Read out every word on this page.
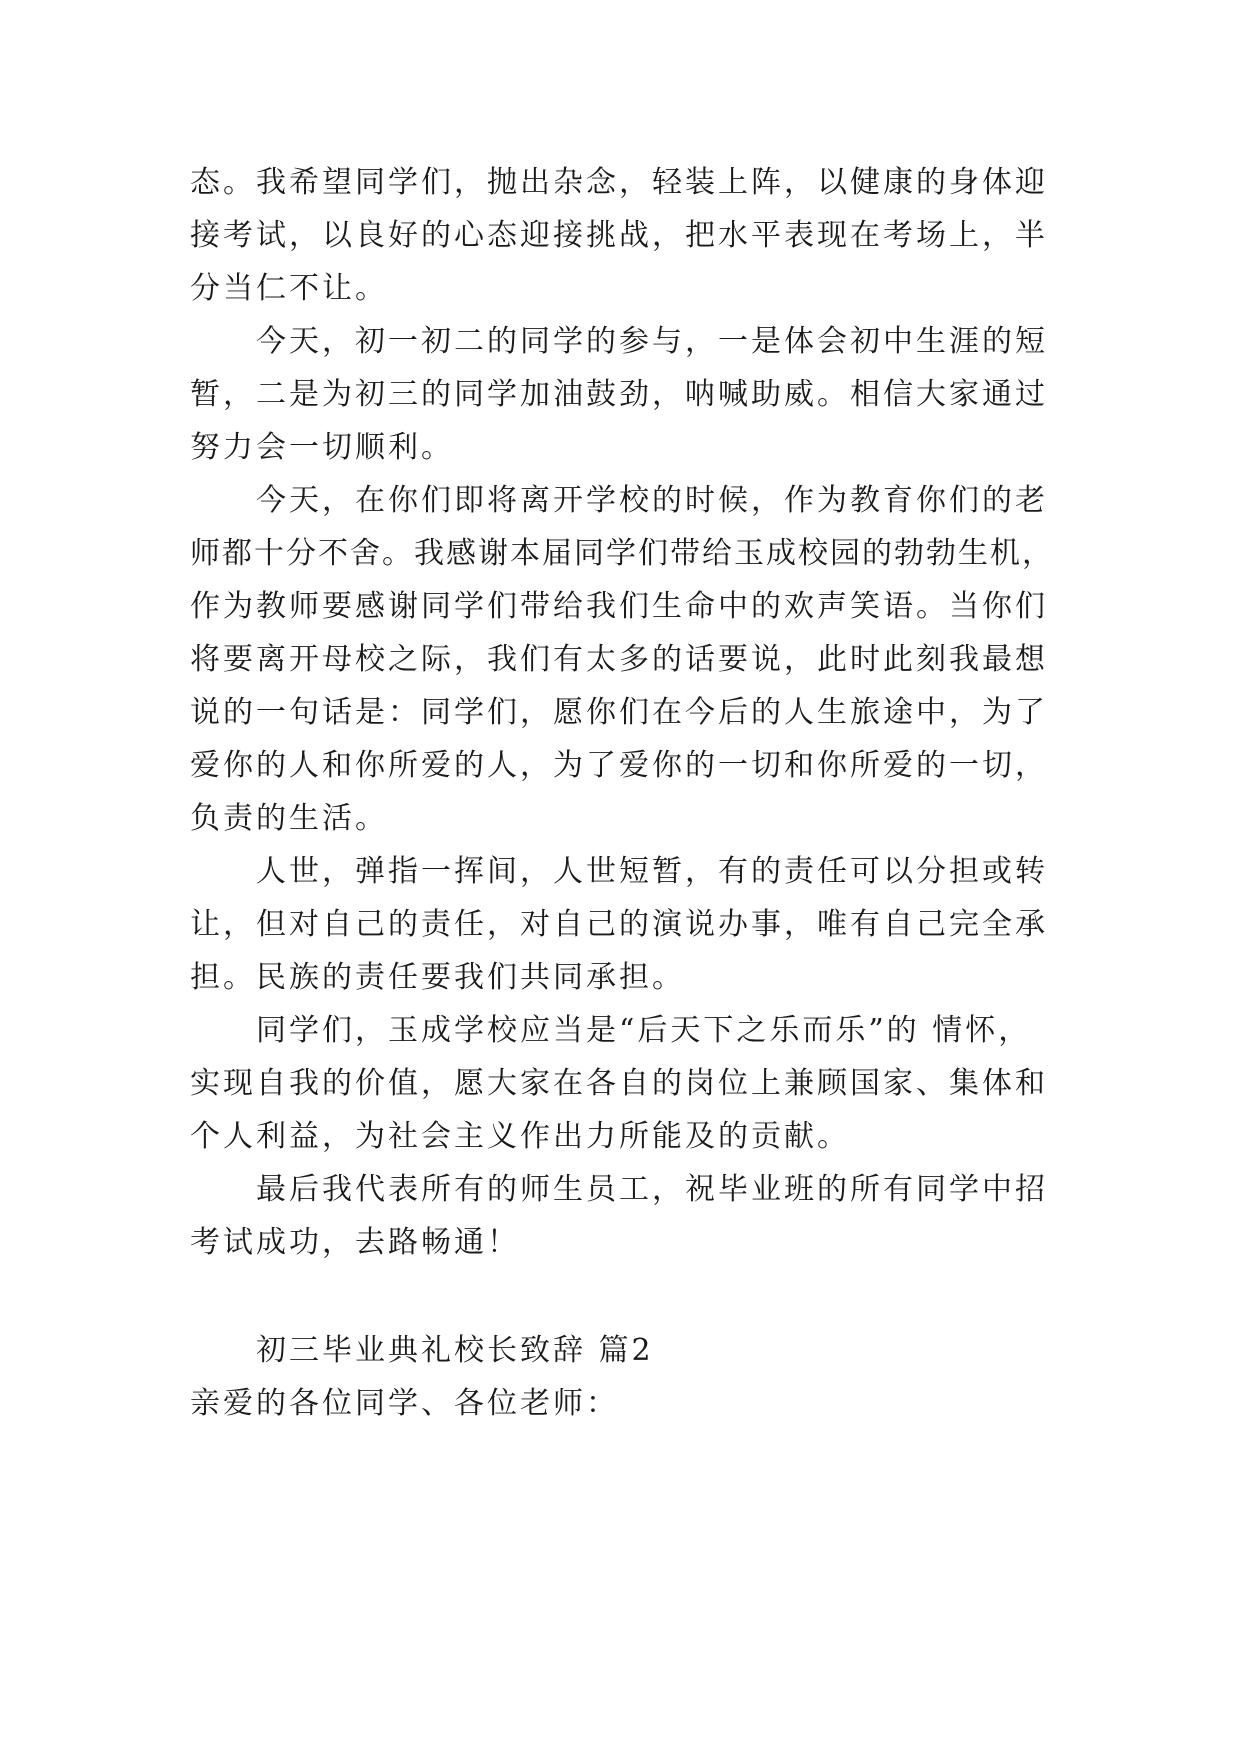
态。我希望同学们，抛出杂念，轻装上阵，以健康的身体迎
接考试，以良好的心态迎接挑战，把水平表现在考场上，半
分当仁不让。

今天，初一初二的同学的参与，一是体会初中生涯的短
暂，二是为初三的同学加油鼓劲，呐喊助威。相信大家通过
努力会一切顺利。

今天，在你们即将离开学校的时候，作为教育你们的老
师都十分不舍。我感谢本届同学们带给玉成校园的勃勃生机，
作为教师要感谢同学们带给我们生命中的欢声笑语。当你们
将要离开母校之际，我们有太多的话要说，此时此刻我最想
说的一句话是：同学们，愿你们在今后的人生旅途中，为了
爱你的人和你所爱的人，为了爱你的一切和你所爱的一切，
负责的生活。

人世，弹指一挥间，人世短暂，有的责任可以分担或转
让，但对自己的责任，对自己的演说办事，唯有自己完全承
担。民族的责任要我们共同承担。

同学们，玉成学校应当是“后天下之乐而乐”的 情怀，
实现自我的价值，愿大家在各自的岗位上兼顾国家、集体和
个人利益，为社会主义作出力所能及的贡献。

最后我代表所有的师生员工，祝毕业班的所有同学中招
考试成功，去路畅通！

初三毕业典礼校长致辞 篇2

亲爱的各位同学、各位老师：
